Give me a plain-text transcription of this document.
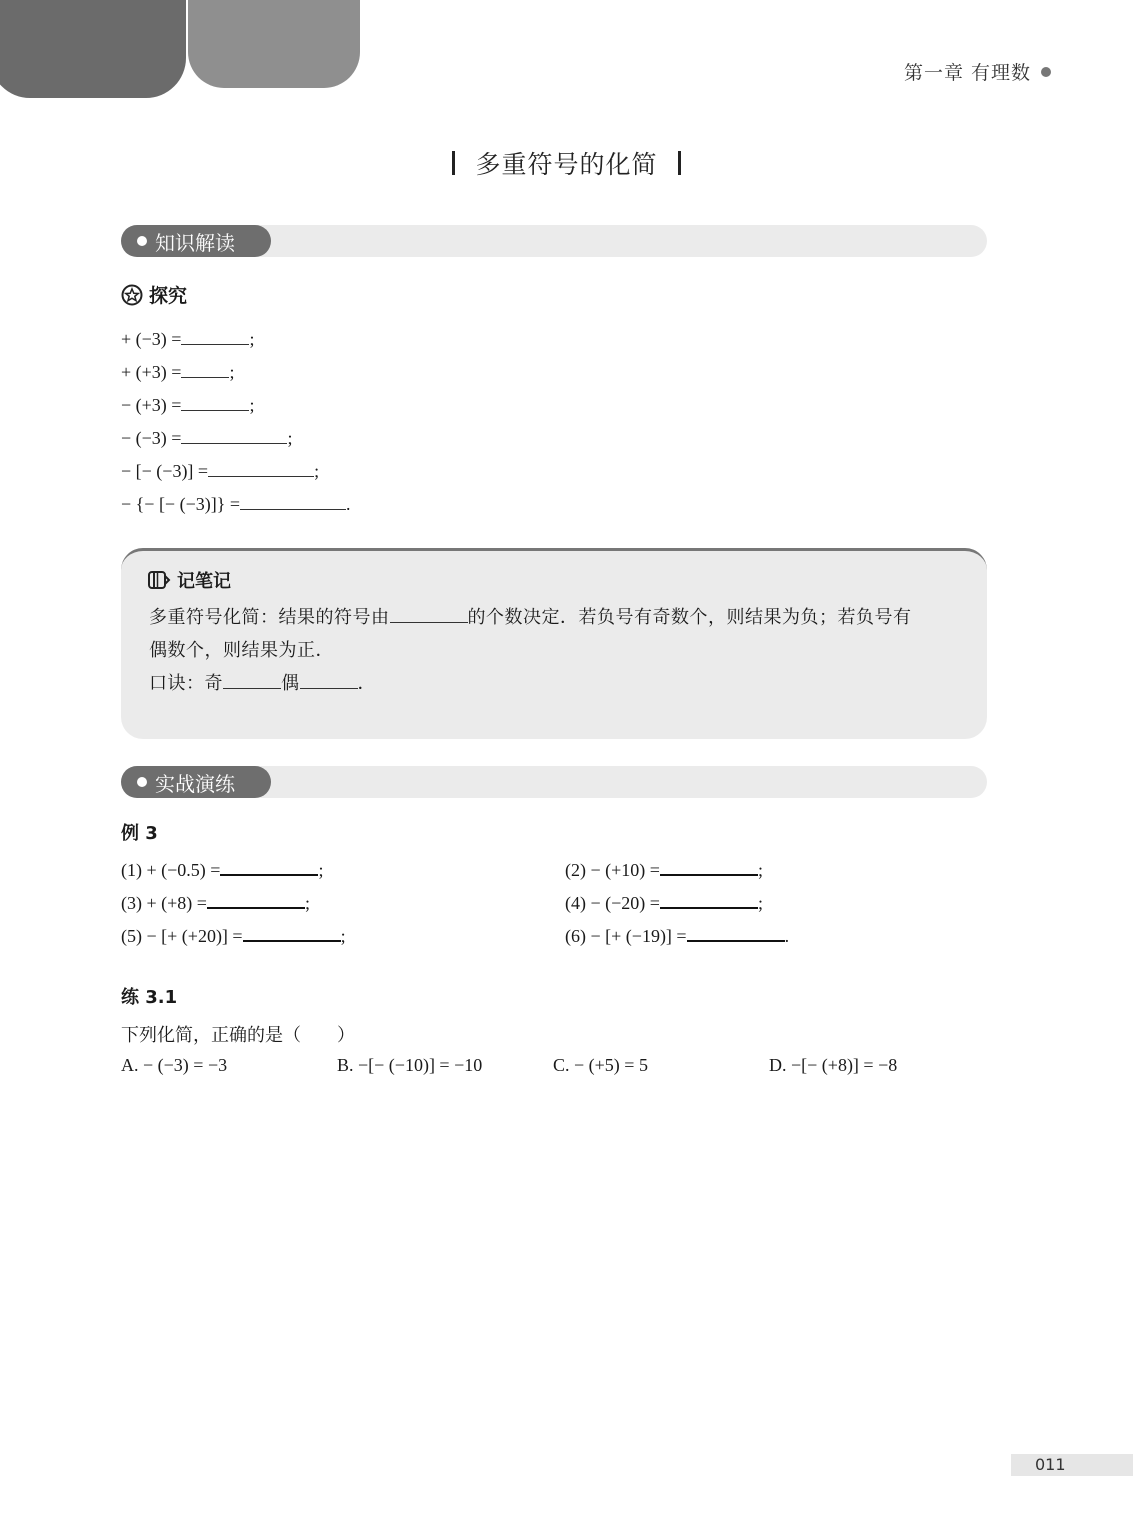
第一章 有理数
多重符号的化简
知识解读
探究
+ (−3) =	;
+ (+3) =	;
− (+3) =	;
− (−3) =	;
− [− (−3)] =	;
− {− [− (−3)]} =	.
记笔记
多重符号化简：结果的符号由	的个数决定．若负号有奇数个，则结果为负；若负号有
偶数个，则结果为正．
口诀：奇	偶	．
实战演练
例 3
(1) + (−0.5) =	;	(2) − (+10) =	;
(3) + (+8) =	;	(4) − (−20) =	;
(5) − [+ (+20)] =	;	(6) − [+ (−19)] =	.
练 3.1
下列化简，正确的是（　　）
A. − (−3) = −3	B. −[− (−10)] = −10	C. − (+5) = 5	D. −[− (+8)] = −8
011
